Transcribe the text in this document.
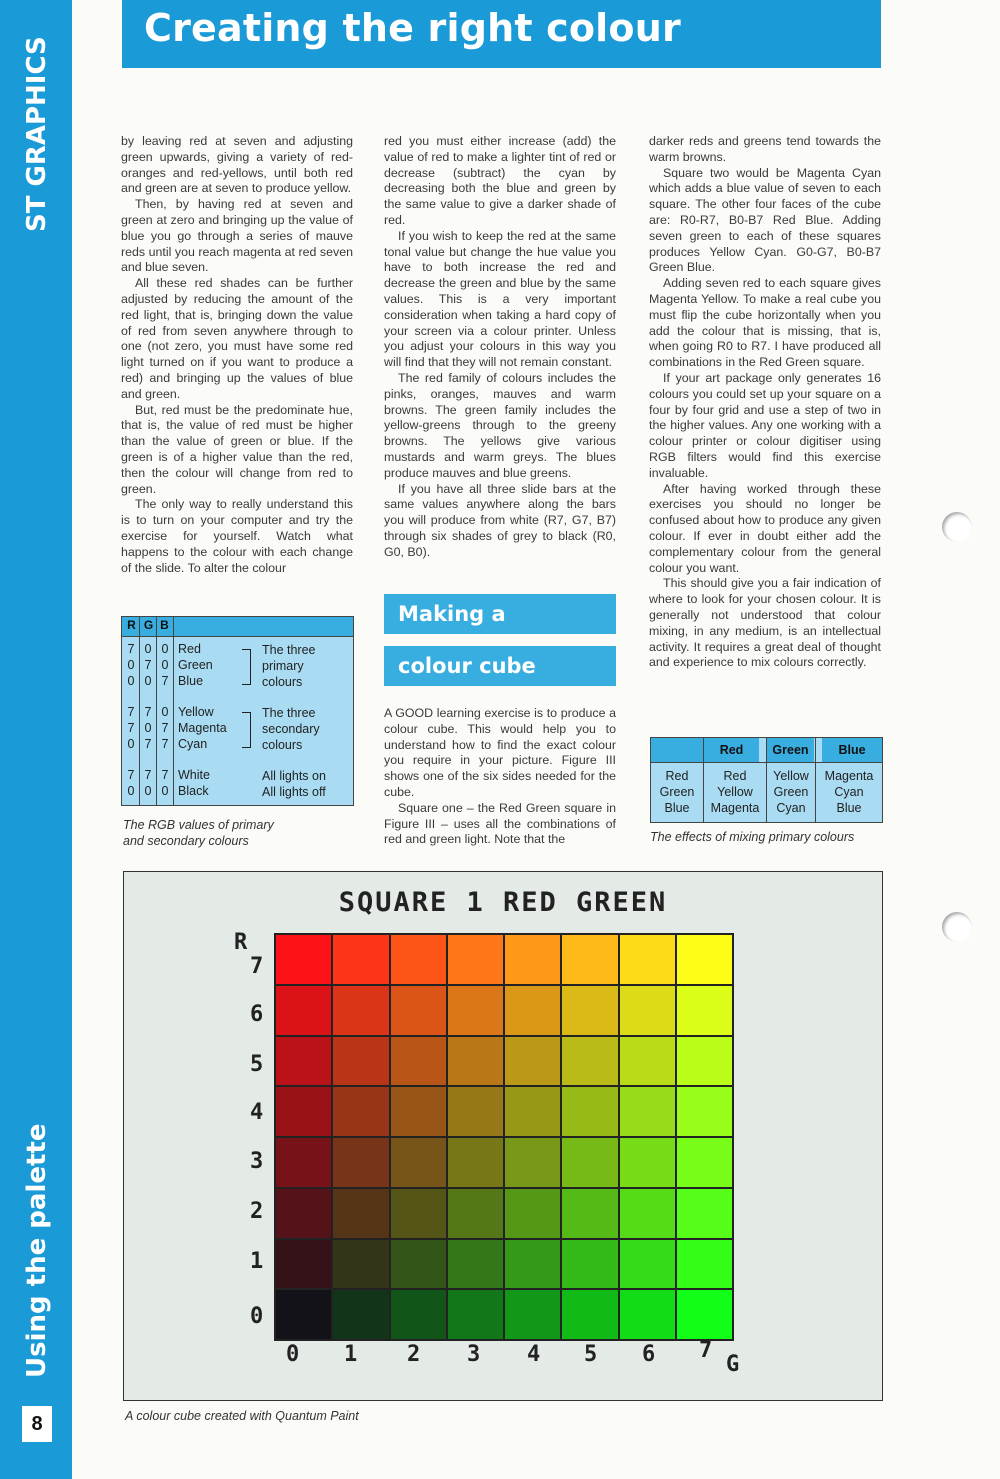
ST GRAPHICS
Using the palette
8
Creating the right colour

by leaving red at seven and adjusting green upwards, giving a variety of red-oranges and red-yellows, until both red and green are at seven to produce yellow.

Then, by having red at seven and green at zero and bringing up the value of blue you go through a series of mauve reds until you reach magenta at red seven and blue seven.

All these red shades can be further adjusted by reducing the amount of the red light, that is, bringing down the value of red from seven anywhere through to one (not zero, you must have some red light turned on if you want to produce a red) and bringing up the values of blue and green.

But, red must be the predominate hue, that is, the value of red must be higher than the value of green or blue. If the green is of a higher value than the red, then the colour will change from red to green.

The only way to really understand this is to turn on your computer and try the exercise for yourself. Watch what happens to the colour with each change of the slide. To alter the colour

R G B
7 0 0 Red
0 7 0 Green
0 0 7 Blue
The three
primary
colours
7 7 0 Yellow
7 0 7 Magenta
0 7 7 Cyan
The three
secondary
colours
7 7 7 White
0 0 0 Black
All lights on
All lights off
The RGB values of primary
and secondary colours

red you must either increase (add) the value of red to make a lighter tint of red or decrease (subtract) the cyan by decreasing both the blue and green by the same value to give a darker shade of red.

If you wish to keep the red at the same tonal value but change the hue value you have to both increase the red and decrease the green and blue by the same values. This is a very important consideration when taking a hard copy of your screen via a colour printer. Unless you adjust your colours in this way you will find that they will not remain constant.

The red family of colours includes the pinks, oranges, mauves and warm browns. The green family includes the yellow-greens through to the greeny browns. The yellows give various mustards and warm greys. The blues produce mauves and blue greens.

If you have all three slide bars at the same values anywhere along the bars you will produce from white (R7, G7, B7) through six shades of grey to black (R0, G0, B0).

Making a
colour cube

A GOOD learning exercise is to produce a colour cube. This would help you to understand how to find the exact colour you require in your picture. Figure III shows one of the six sides needed for the cube.

Square one – the Red Green square in Figure III – uses all the combinations of red and green light. Note that the

darker reds and greens tend towards the warm browns.

Square two would be Magenta Cyan which adds a blue value of seven to each square. The other four faces of the cube are: R0-R7, B0-B7 Red Blue. Adding seven green to each of these squares produces Yellow Cyan. G0-G7, B0-B7 Green Blue.

Adding seven red to each square gives Magenta Yellow. To make a real cube you must flip the cube horizontally when you add the colour that is missing, that is, when going R0 to R7. I have produced all combinations in the Red Green square.

If your art package only generates 16 colours you could set up your square on a four by four grid and use a step of two in the higher values. Any one working with a colour printer or colour digitiser using RGB filters would find this exercise invaluable.

After having worked through these exercises you should no longer be confused about how to produce any given colour. If ever in doubt either add the complementary colour from the general colour you want.

This should give you a fair indication of where to look for your chosen colour. It is generally not understood that colour mixing, in any medium, is an intellectual activity. It requires a great deal of thought and experience to mix colours correctly.

Red	Green	Blue
Red
Green
Blue
Red
Yellow
Magenta
Yellow
Green
Cyan
Magenta
Cyan
Blue
The effects of mixing primary colours
SQUARE 1 RED GREEN
R
7
6
5
4
3
2
1
0
0 1 2 3 4 5 6 7
G
A colour cube created with Quantum Paint
